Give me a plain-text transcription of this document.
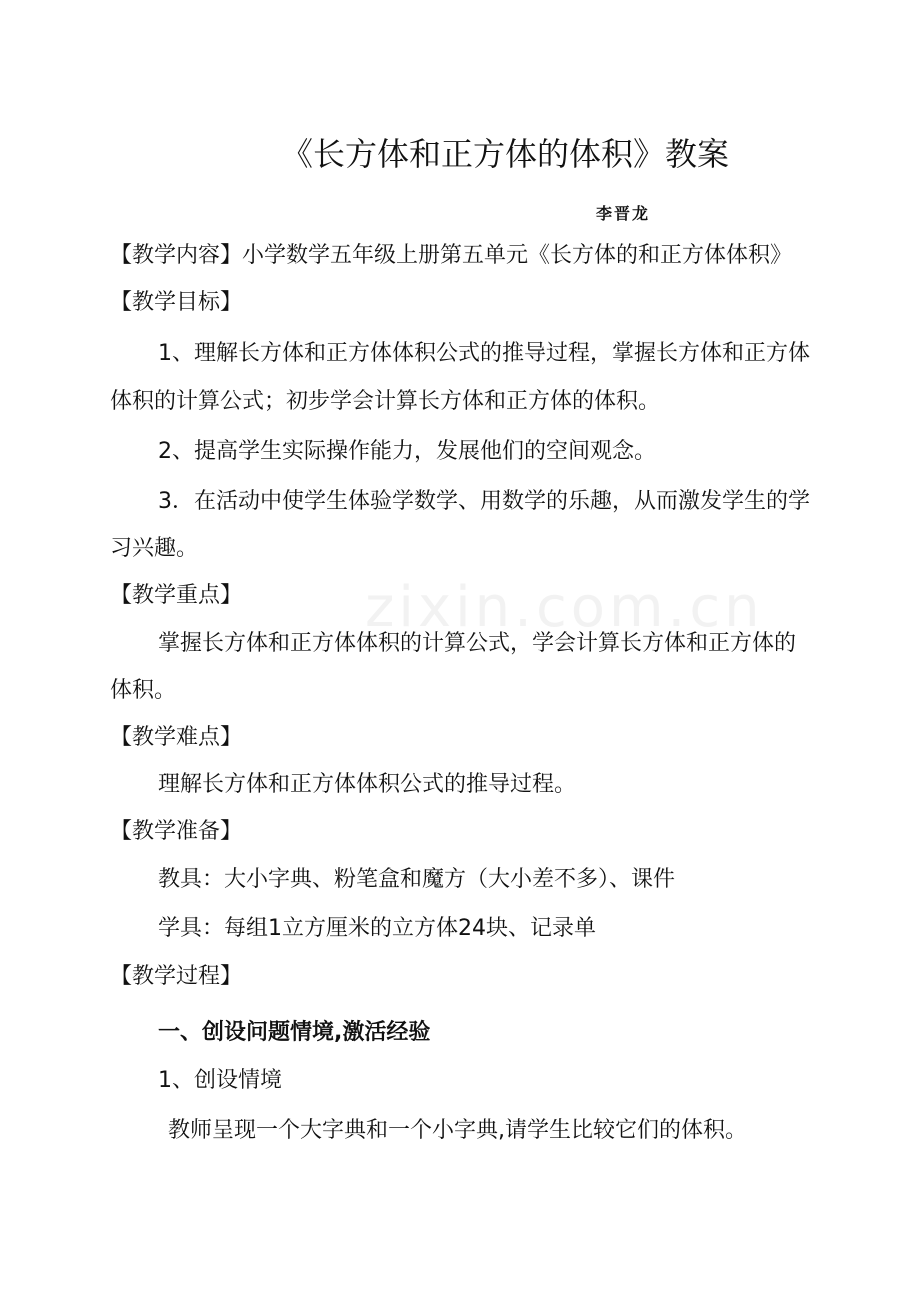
zixin.com.cn
《长方体和正方体的体积》教案
李晋龙

【教学内容】小学数学五年级上册第五单元《长方体的和正方体体积》

【教学目标】

1、理解长方体和正方体体积公式的推导过程，掌握长方体和正方体

体积的计算公式；初步学会计算长方体和正方体的体积。

2、提高学生实际操作能力，发展他们的空间观念。

3．在活动中使学生体验学数学、用数学的乐趣，从而激发学生的学

习兴趣。

【教学重点】

掌握长方体和正方体体积的计算公式，学会计算长方体和正方体的

体积。

【教学难点】

理解长方体和正方体体积公式的推导过程。

【教学准备】

教具：大小字典、粉笔盒和魔方（大小差不多）、课件

学具：每组1立方厘米的立方体24块、记录单

【教学过程】

一、创设问题情境,激活经验

1、创设情境

教师呈现一个大字典和一个小字典,请学生比较它们的体积。
